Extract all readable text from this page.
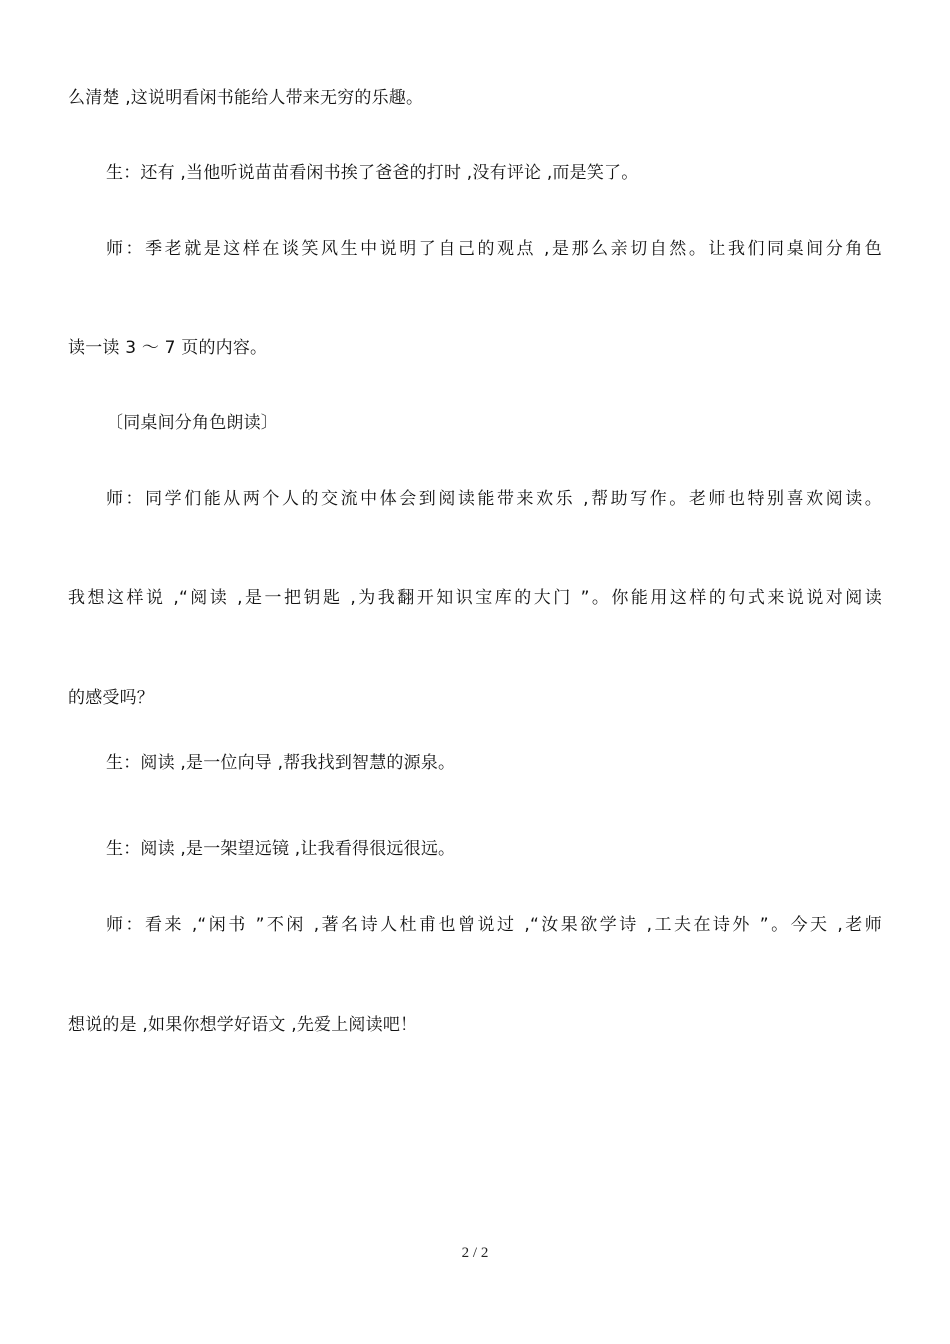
么清楚 ,这说明看闲书能给人带来无穷的乐趣。
生：还有 ,当他听说苗苗看闲书挨了爸爸的打时 ,没有评论 ,而是笑了。
师：季老就是这样在谈笑风生中说明了自己的观点 ,是那么亲切自然。让我们同桌间分角色
读一读 3 ～ 7 页的内容。
〔同桌间分角色朗读〕
师：同学们能从两个人的交流中体会到阅读能带来欢乐 ,帮助写作。老师也特别喜欢阅读。
我想这样说 ,“阅读 ,是一把钥匙 ,为我翻开知识宝库的大门 ”。你能用这样的句式来说说对阅读
的感受吗？
生：阅读 ,是一位向导 ,帮我找到智慧的源泉。
生：阅读 ,是一架望远镜 ,让我看得很远很远。
师：看来 ,“闲书 ”不闲 ,著名诗人杜甫也曾说过 ,“汝果欲学诗 ,工夫在诗外 ”。今天 ,老师
想说的是 ,如果你想学好语文 ,先爱上阅读吧！
2 / 2
